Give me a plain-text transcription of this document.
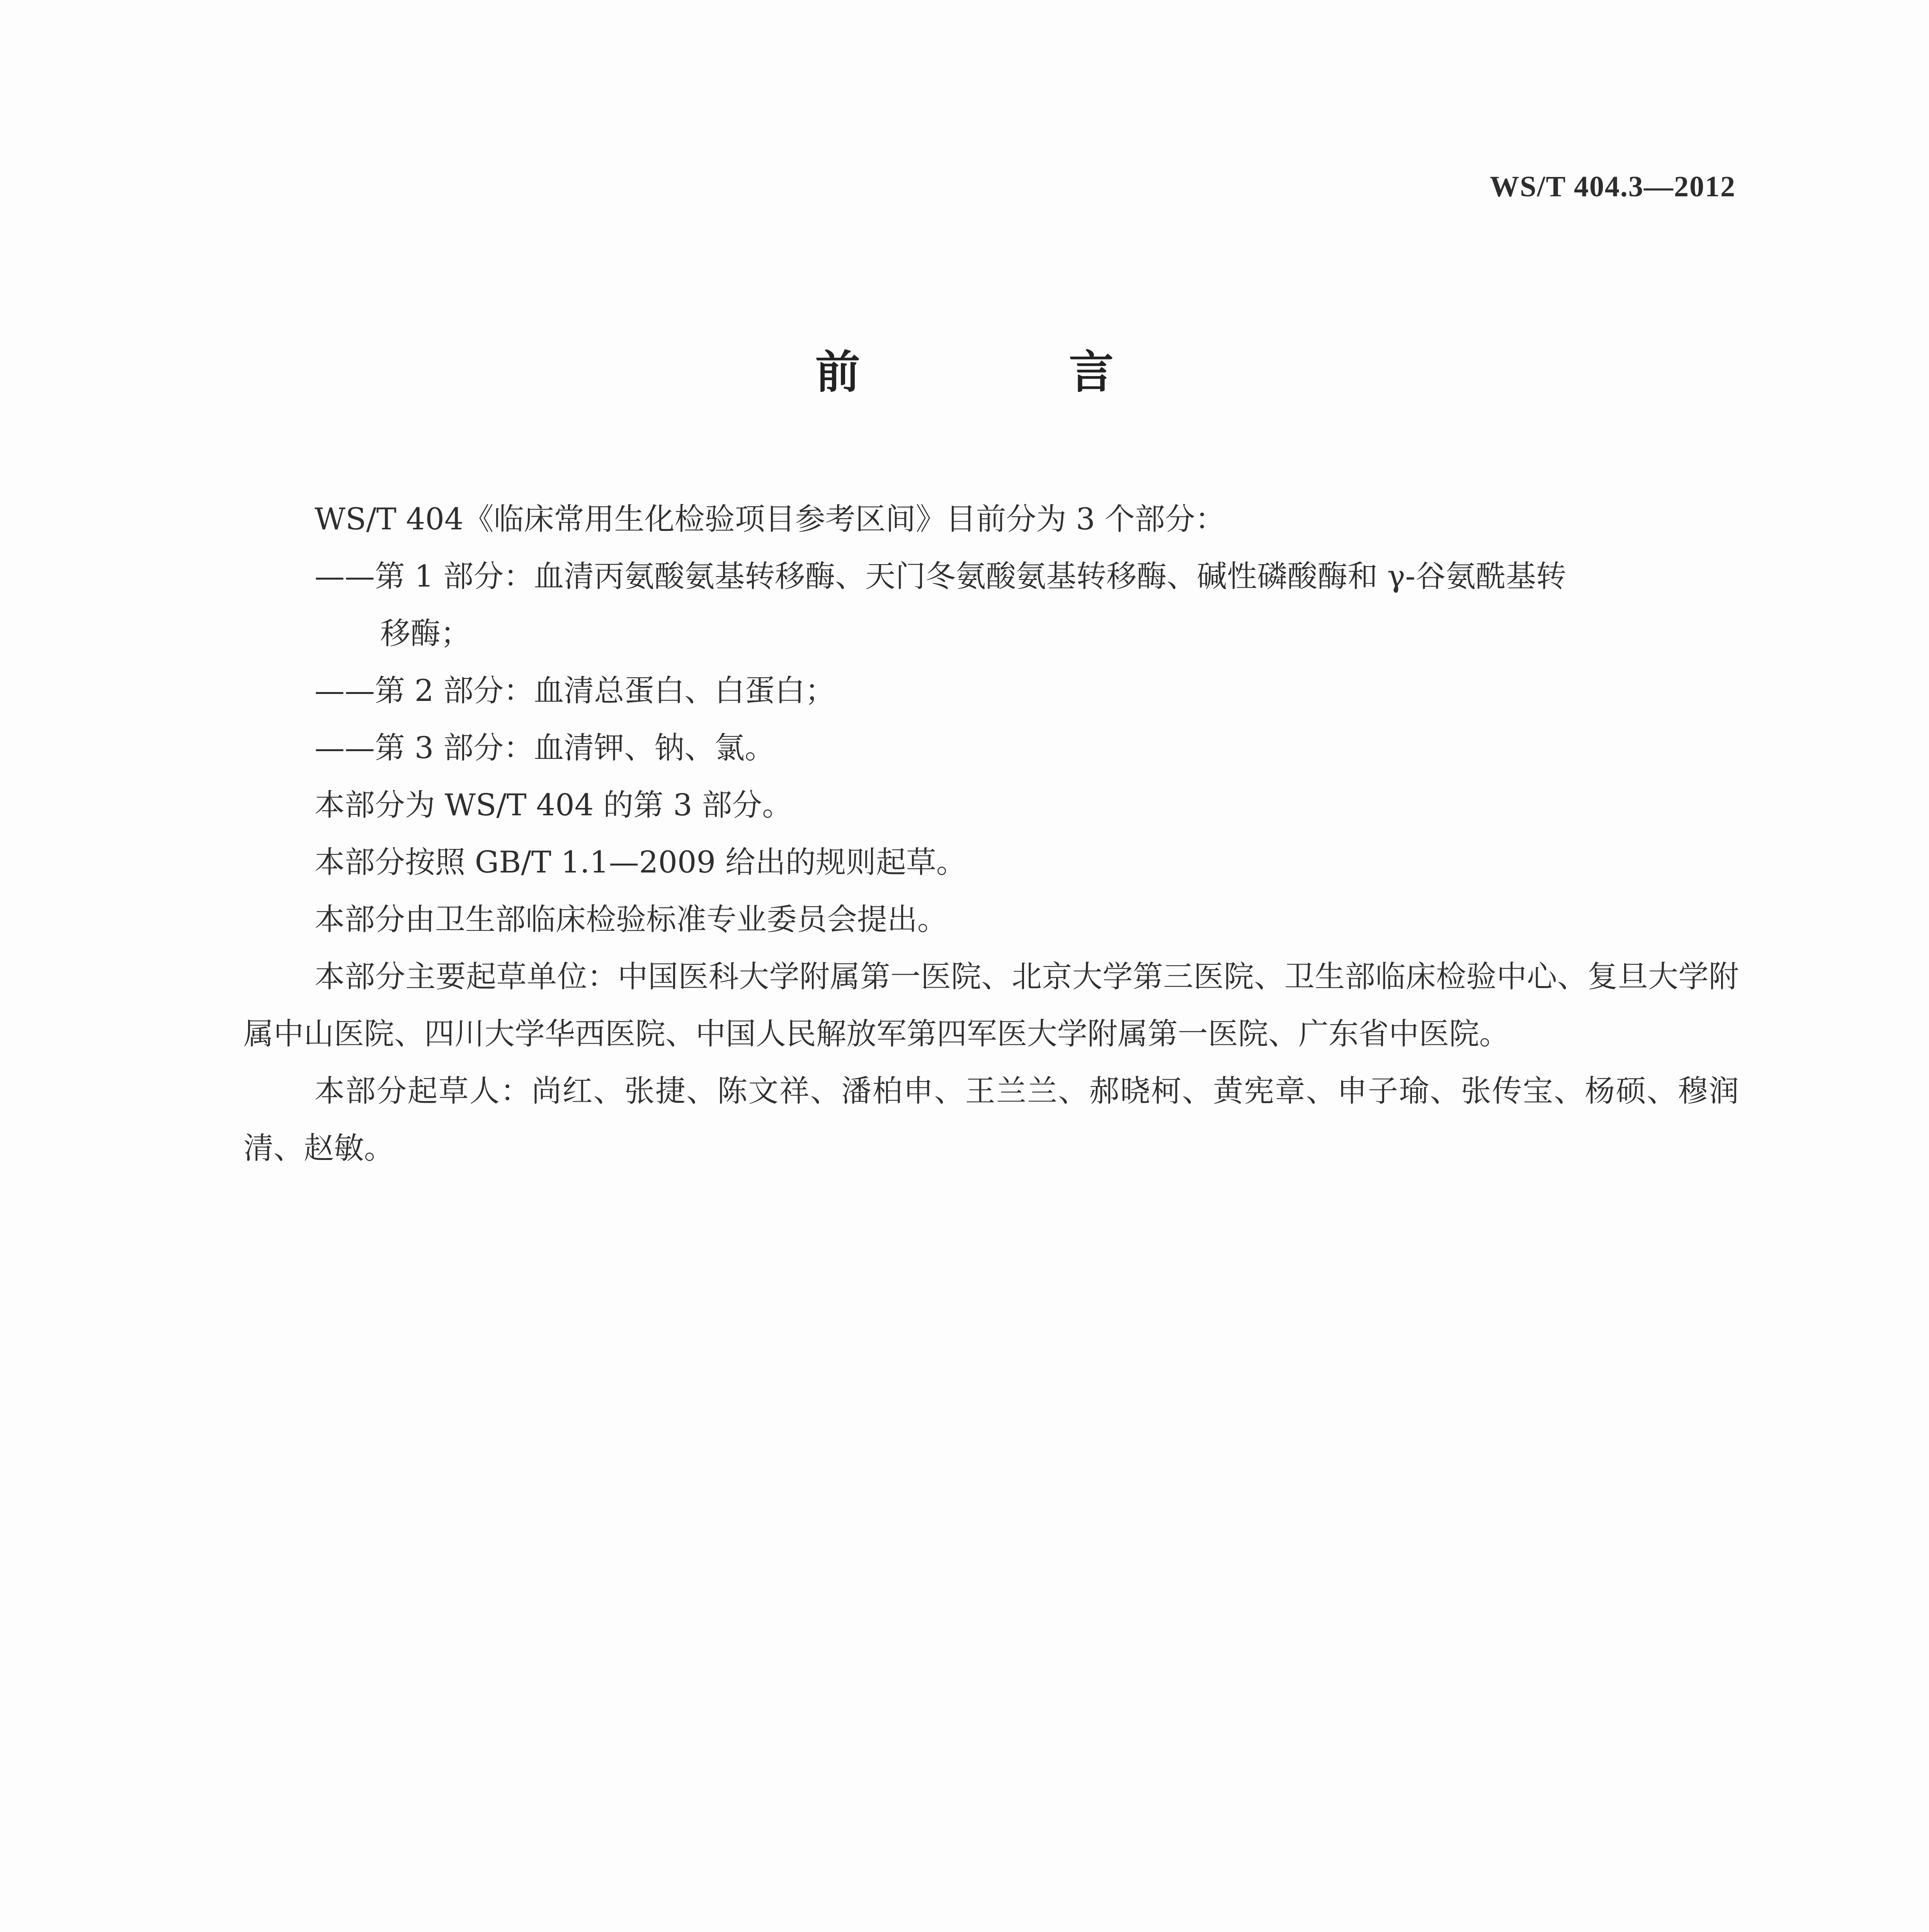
WS/T 404.3—2012
前 言
WS/T 404《临床常用生化检验项目参考区间》目前分为 3 个部分：
——第 1 部分：血清丙氨酸氨基转移酶、天门冬氨酸氨基转移酶、碱性磷酸酶和 γ-谷氨酰基转
移酶；
——第 2 部分：血清总蛋白、白蛋白；
——第 3 部分：血清钾、钠、氯。
本部分为 WS/T 404 的第 3 部分。
本部分按照 GB/T 1.1—2009 给出的规则起草。
本部分由卫生部临床检验标准专业委员会提出。
本部分主要起草单位：中国医科大学附属第一医院、北京大学第三医院、卫生部临床检验中心、复旦大学附属中山医院、四川大学华西医院、中国人民解放军第四军医大学附属第一医院、广东省中医院。
本部分起草人：尚红、张捷、陈文祥、潘柏申、王兰兰、郝晓柯、黄宪章、申子瑜、张传宝、杨硕、穆润清、赵敏。
